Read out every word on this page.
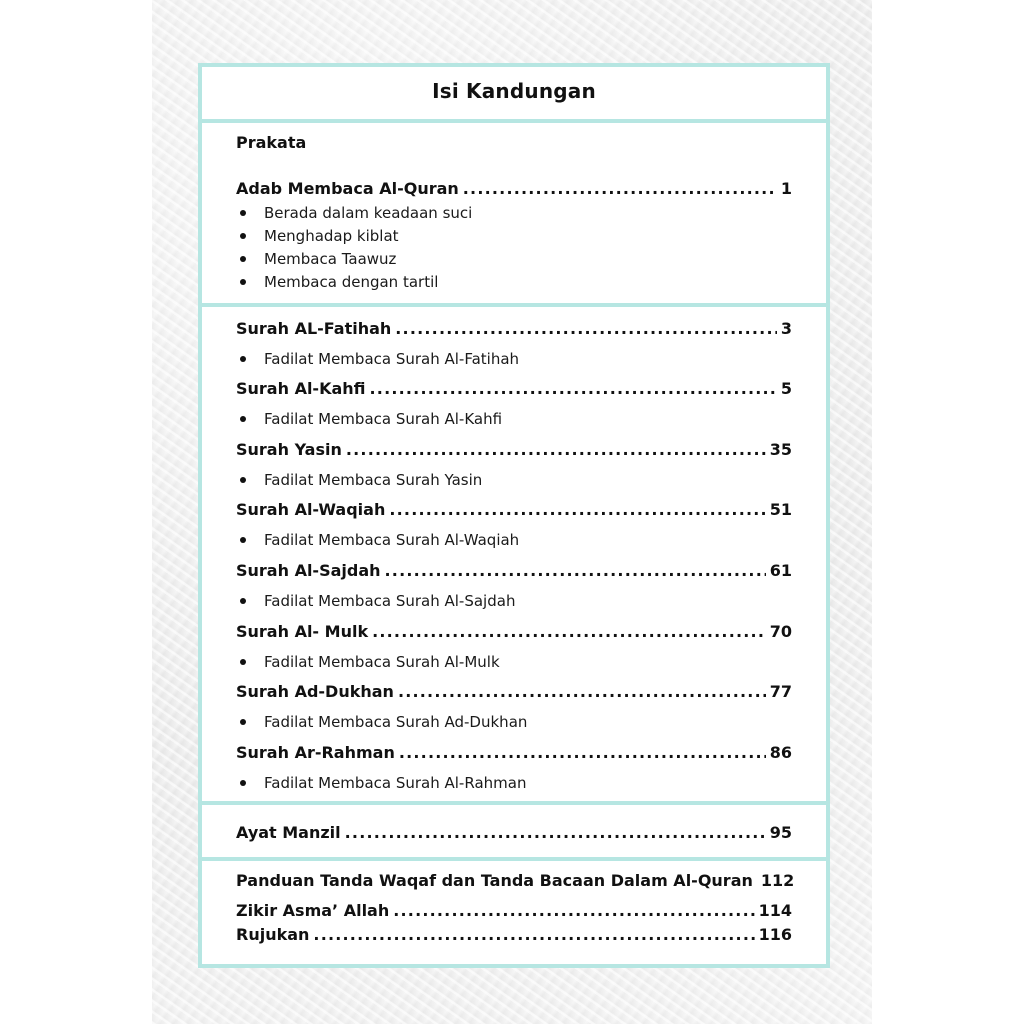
Isi Kandungan
Prakata
Adab Membaca Al-Quran .....	1
Berada dalam keadaan suci
Menghadap kiblat
Membaca Taawuz
Membaca dengan tartil
Surah AL-Fatihah .....	3
Fadilat Membaca Surah Al-Fatihah
Surah Al-Kahfi .....	5
Fadilat Membaca Surah Al-Kahfi
Surah Yasin .....	35
Fadilat Membaca Surah Yasin
Surah Al-Waqiah .....	51
Fadilat Membaca Surah Al-Waqiah
Surah Al-Sajdah .....	61
Fadilat Membaca Surah Al-Sajdah
Surah Al- Mulk .....	70
Fadilat Membaca Surah Al-Mulk
Surah Ad-Dukhan .....	77
Fadilat Membaca Surah Ad-Dukhan
Surah Ar-Rahman .....	86
Fadilat Membaca Surah Al-Rahman
Ayat Manzil .....	95
Panduan Tanda Waqaf dan Tanda Bacaan Dalam Al-Quran 112
Zikir Asma’ Allah .....	114
Rujukan .....	116
